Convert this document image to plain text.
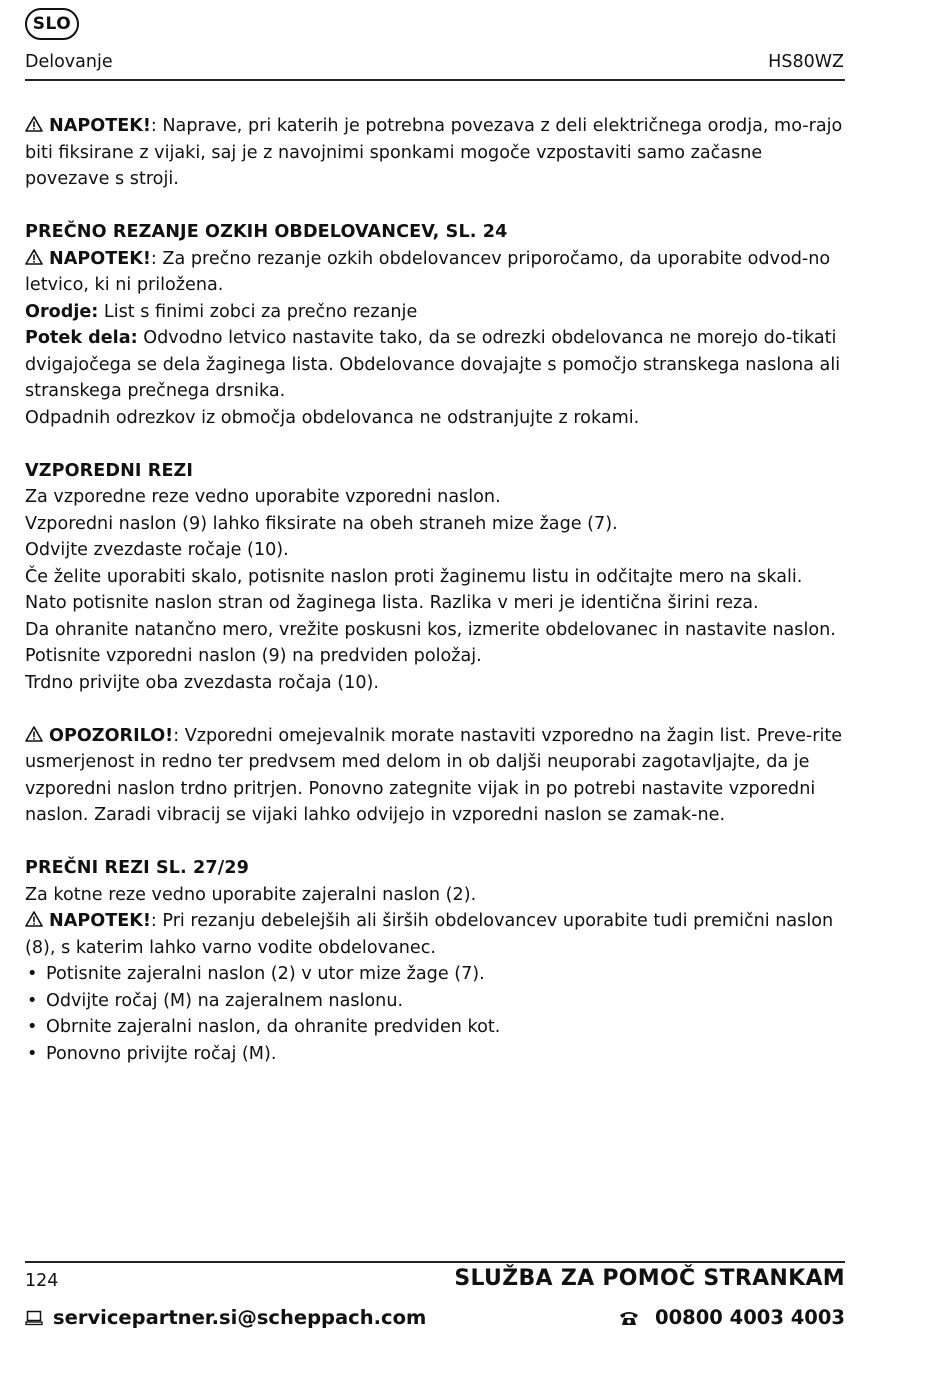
SLO
Delovanje	HS80WZ

NAPOTEK!: Naprave, pri katerih je potrebna povezava z deli električnega orodja, mo-rajo biti fiksirane z vijaki, saj je z navojnimi sponkami mogoče vzpostaviti samo začasne povezave s stroji.

PREČNO REZANJE OZKIH OBDELOVANCEV, SL. 24

NAPOTEK!: Za prečno rezanje ozkih obdelovancev priporočamo, da uporabite odvod-no letvico, ki ni priložena.

Orodje: List s finimi zobci za prečno rezanje

Potek dela: Odvodno letvico nastavite tako, da se odrezki obdelovanca ne morejo do-tikati dvigajočega se dela žaginega lista. Obdelovance dovajajte s pomočjo stranskega naslona ali stranskega prečnega drsnika.

Odpadnih odrezkov iz območja obdelovanca ne odstranjujte z rokami.

VZPOREDNI REZI

Za vzporedne reze vedno uporabite vzporedni naslon.

Vzporedni naslon (9) lahko fiksirate na obeh straneh mize žage (7).

Odvijte zvezdaste ročaje (10).

Če želite uporabiti skalo, potisnite naslon proti žaginemu listu in odčitajte mero na skali.

Nato potisnite naslon stran od žaginega lista. Razlika v meri je identična širini reza.

Da ohranite natančno mero, vrežite poskusni kos, izmerite obdelovanec in nastavite naslon.

Potisnite vzporedni naslon (9) na predviden položaj.

Trdno privijte oba zvezdasta ročaja (10).

OPOZORILO!: Vzporedni omejevalnik morate nastaviti vzporedno na žagin list. Preve-rite usmerjenost in redno ter predvsem med delom in ob daljši neuporabi zagotavljajte, da je vzporedni naslon trdno pritrjen. Ponovno zategnite vijak in po potrebi nastavite vzporedni naslon. Zaradi vibracij se vijaki lahko odvijejo in vzporedni naslon se zamak-ne.

PREČNI REZI SL. 27/29

Za kotne reze vedno uporabite zajeralni naslon (2).

NAPOTEK!: Pri rezanju debelejših ali širših obdelovancev uporabite tudi premični naslon (8), s katerim lahko varno vodite obdelovanec.

• Potisnite zajeralni naslon (2) v utor mize žage (7).
• Odvijte ročaj (M) na zajeralnem naslonu.
• Obrnite zajeralni naslon, da ohranite predviden kot.
• Ponovno privijte ročaj (M).
124	SLUŽBA ZA POMOČ STRANKAM
servicepartner.si@scheppach.com	00800 4003 4003
